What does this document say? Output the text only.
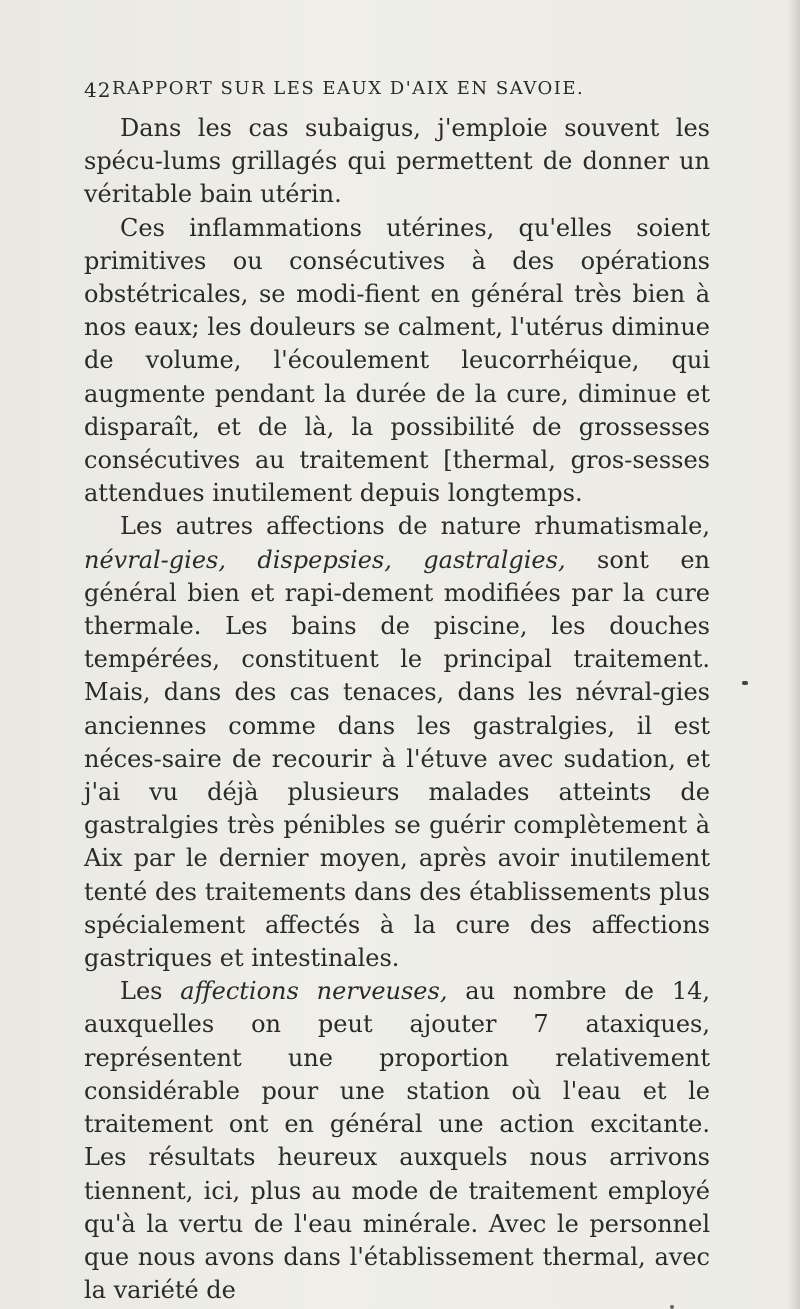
42 RAPPORT SUR LES EAUX D'AIX EN SAVOIE.

Dans les cas subaigus, j'emploie souvent les spécu-lums grillagés qui permettent de donner un véritable bain utérin.

Ces inflammations utérines, qu'elles soient primitives ou consécutives à des opérations obstétricales, se modi-fient en général très bien à nos eaux; les douleurs se calment, l'utérus diminue de volume, l'écoulement leucorrhéique, qui augmente pendant la durée de la cure, diminue et disparaît, et de là, la possibilité de grossesses consécutives au traitement [thermal, gros-sesses attendues inutilement depuis longtemps.

Les autres affections de nature rhumatismale, névral-gies, dispepsies, gastralgies, sont en général bien et rapi-dement modifiées par la cure thermale. Les bains de piscine, les douches tempérées, constituent le principal traitement. Mais, dans des cas tenaces, dans les névral-gies anciennes comme dans les gastralgies, il est néces-saire de recourir à l'étuve avec sudation, et j'ai vu déjà plusieurs malades atteints de gastralgies très pénibles se guérir complètement à Aix par le dernier moyen, après avoir inutilement tenté des traitements dans des établissements plus spécialement affectés à la cure des affections gastriques et intestinales.

Les affections nerveuses, au nombre de 14, auxquelles on peut ajouter 7 ataxiques, représentent une proportion relativement considérable pour une station où l'eau et le traitement ont en général une action excitante. Les résultats heureux auxquels nous arrivons tiennent, ici, plus au mode de traitement employé qu'à la vertu de l'eau minérale. Avec le personnel que nous avons dans l'établissement thermal, avec la variété de
